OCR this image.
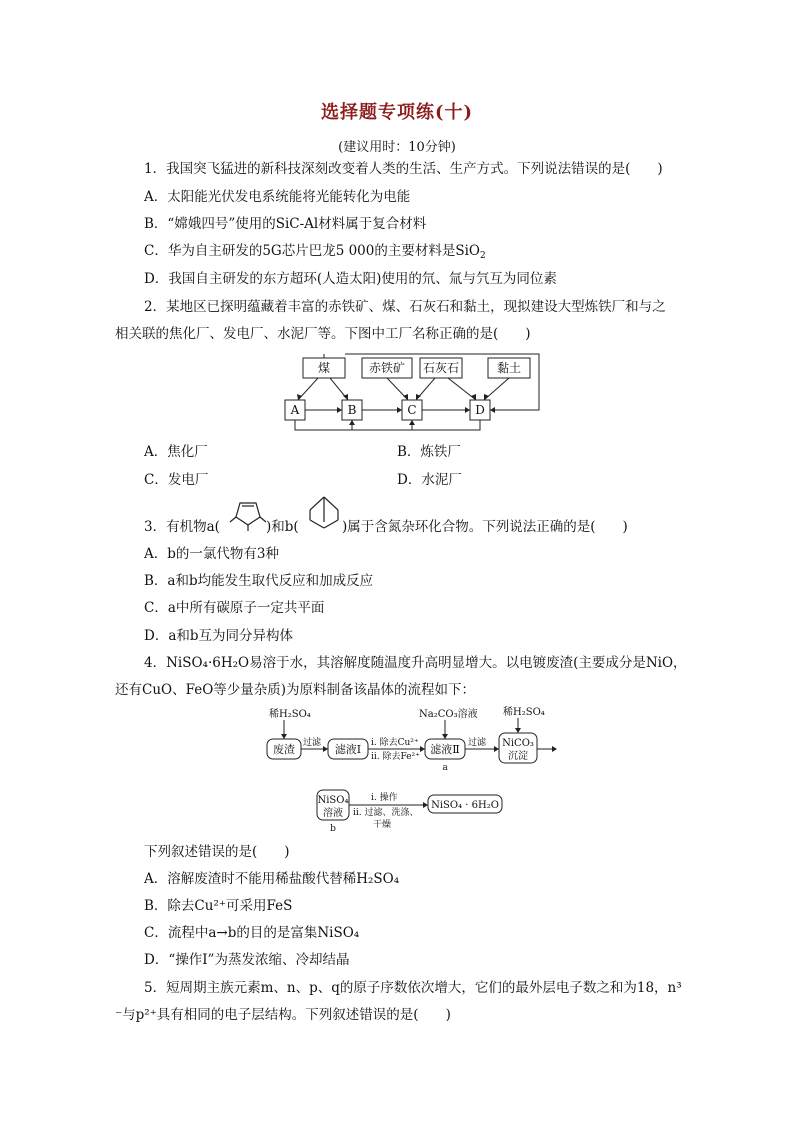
选择题专项练(十)
(建议用时：10分钟)
1．我国突飞猛进的新科技深刻改变着人类的生活、生产方式。下列说法错误的是(　　)
A．太阳能光伏发电系统能将光能转化为电能
B．“嫦娥四号”使用的SiC-Al材料属于复合材料
C．华为自主研发的5G芯片巴龙5 000的主要材料是SiO$_2$
D．我国自主研发的东方超环(人造太阳)使用的氘、氚与氕互为同位素
2．某地区已探明蕴藏着丰富的赤铁矿、煤、石灰石和黏土，现拟建设大型炼铁厂和与之
相关联的焦化厂、发电厂、水泥厂等。下图中工厂名称正确的是(　　)
煤	赤铁矿 石灰石	黏土
A	B	C	D
A．焦化厂	B．炼铁厂
C．发电厂	D．水泥厂
3．有机物a(	)和b(	)属于含氮杂环化合物。下列说法正确的是(　　)
A．b的一氯代物有3种
B．a和b均能发生取代反应和加成反应
C．a中所有碳原子一定共平面
D．a和b互为同分异构体
4．NiSO₄·6H₂O易溶于水，其溶解度随温度升高明显增大。以电镀废渣(主要成分是NiO，
还有CuO、FeO等少量杂质)为原料制备该晶体的流程如下：
稀H₂SO₄
废渣 过滤 滤液Ⅰ ⅰ. 除去Cu²⁺
ⅱ. 除去Fe²⁺
Na₂CO₃溶液
滤液Ⅱ
a
过滤
稀H₂SO₄
NiCO₃
沉淀
NiSO₄
溶液
b
ⅰ. 操作
ⅱ. 过滤、洗涤、
干燥
NiSO₄ · 6H₂O
下列叙述错误的是(　　)
A．溶解废渣时不能用稀盐酸代替稀H₂SO₄
B．除去Cu²⁺可采用FeS
C．流程中a→b的目的是富集NiSO₄
D．“操作Ⅰ”为蒸发浓缩、冷却结晶
5．短周期主族元素m、n、p、q的原子序数依次增大，它们的最外层电子数之和为18，n³
⁻与p²⁺具有相同的电子层结构。下列叙述错误的是(　　)
